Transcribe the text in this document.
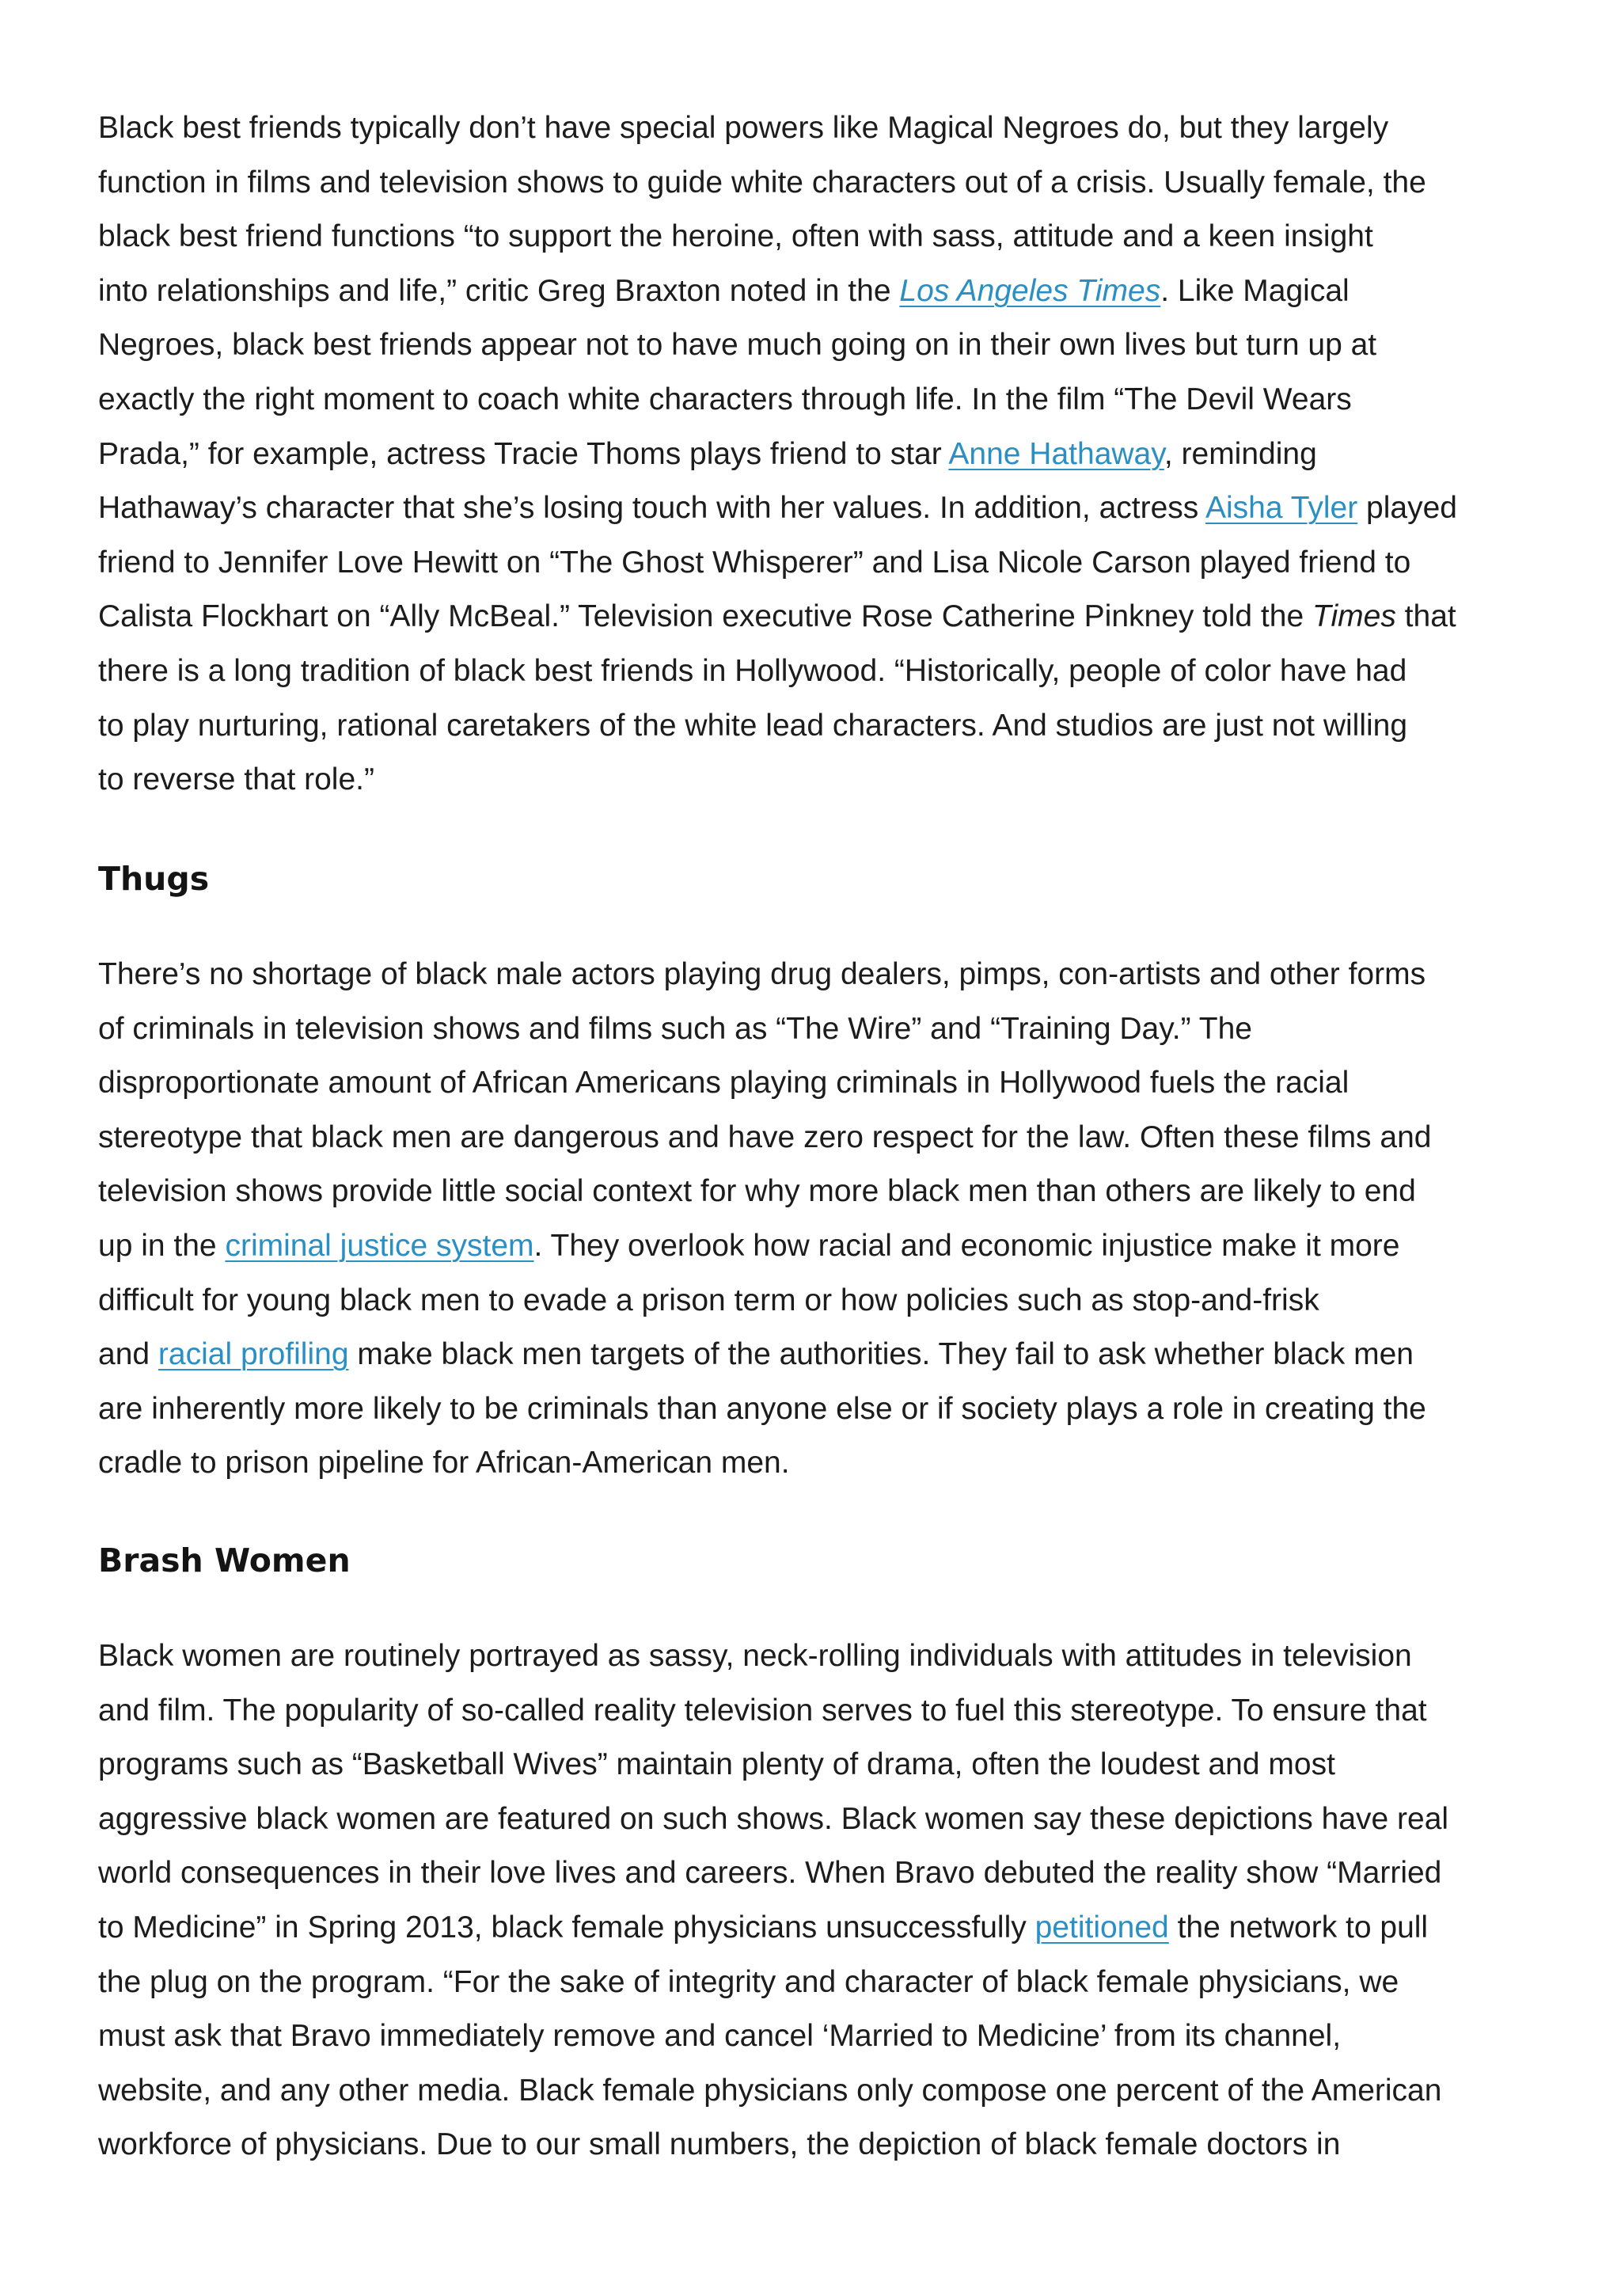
Black best friends typically don’t have special powers like Magical Negroes do, but they largely
function in films and television shows to guide white characters out of a crisis. Usually female, the
black best friend functions “to support the heroine, often with sass, attitude and a keen insight
into relationships and life,” critic Greg Braxton noted in the Los Angeles Times. Like Magical
Negroes, black best friends appear not to have much going on in their own lives but turn up at
exactly the right moment to coach white characters through life. In the film “The Devil Wears
Prada,” for example, actress Tracie Thoms plays friend to star Anne Hathaway, reminding
Hathaway’s character that she’s losing touch with her values. In addition, actress Aisha Tyler played
friend to Jennifer Love Hewitt on “The Ghost Whisperer” and Lisa Nicole Carson played friend to
Calista Flockhart on “Ally McBeal.” Television executive Rose Catherine Pinkney told the Times that
there is a long tradition of black best friends in Hollywood. “Historically, people of color have had
to play nurturing, rational caretakers of the white lead characters. And studios are just not willing
to reverse that role.”

Thugs

There’s no shortage of black male actors playing drug dealers, pimps, con-artists and other forms
of criminals in television shows and films such as “The Wire” and “Training Day.” The
disproportionate amount of African Americans playing criminals in Hollywood fuels the racial
stereotype that black men are dangerous and have zero respect for the law. Often these films and
television shows provide little social context for why more black men than others are likely to end
up in the criminal justice system. They overlook how racial and economic injustice make it more
difficult for young black men to evade a prison term or how policies such as stop-and-frisk
and racial profiling make black men targets of the authorities. They fail to ask whether black men
are inherently more likely to be criminals than anyone else or if society plays a role in creating the
cradle to prison pipeline for African-American men.

Brash Women

Black women are routinely portrayed as sassy, neck-rolling individuals with attitudes in television
and film. The popularity of so-called reality television serves to fuel this stereotype. To ensure that
programs such as “Basketball Wives” maintain plenty of drama, often the loudest and most
aggressive black women are featured on such shows. Black women say these depictions have real
world consequences in their love lives and careers. When Bravo debuted the reality show “Married
to Medicine” in Spring 2013, black female physicians unsuccessfully petitioned the network to pull
the plug on the program. “For the sake of integrity and character of black female physicians, we
must ask that Bravo immediately remove and cancel ‘Married to Medicine’ from its channel,
website, and any other media. Black female physicians only compose one percent of the American
workforce of physicians. Due to our small numbers, the depiction of black female doctors in
